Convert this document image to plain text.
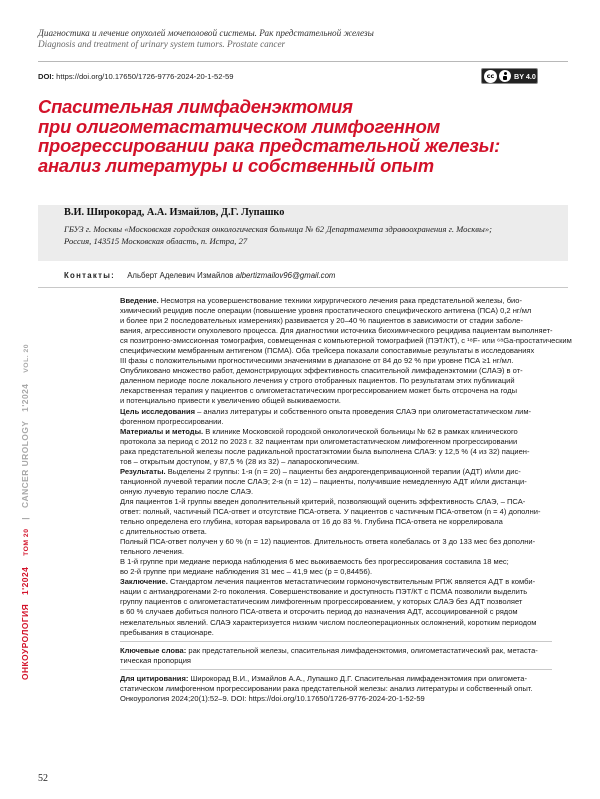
Диагностика и лечение опухолей мочеполовой системы. Рак предстательной железы
Diagnosis and treatment of urinary system tumors. Prostate cancer
DOI: https://doi.org/10.17650/1726-9776-2024-20-1-52-59	cc	BY 4.0
Спасительная лимфаденэктомия
при олигометастатическом лимфогенном
прогрессировании рака предстательной железы:
анализ литературы и собственный опыт
В.И. Широкорад, А.А. Измайлов, Д.Г. Лупашко
ГБУЗ г. Москвы «Московская городская онкологическая больница № 62 Департамента здравоохранения г. Москвы»;
Россия, 143515 Московская область, п. Истра, 27
Контакты: Альберт Аделевич Измайлов albertizmailov96@gmail.com

Введение. Несмотря на усовершенствование техники хирургического лечения рака предстательной железы, био-

химический рецидив после операции (повышение уровня простатического специфического антигена (ПСА) 0,2 нг/мл

и более при 2 последовательных измерениях) развивается у 20–40 % пациентов в зависимости от стадии заболе-

вания, агрессивности опухолевого процесса. Для диагностики источника биохимического рецидива пациентам выполняет-

ся позитронно-эмиссионная томография, совмещенная с компьютерной томографией (ПЭТ/КТ), с ¹⁸F- или ⁶⁸Ga-простатическим

специфическим мембранным антигеном (ПСМА). Оба трейсера показали сопоставимые результаты в исследованиях

III фазы с положительными прогностическими значениями в диапазоне от 84 до 92 % при уровне ПСА ≥1 нг/мл.

Опубликовано множество работ, демонстрирующих эффективность спасительной лимфаденэктомии (СЛАЭ) в от-

даленном периоде после локального лечения у строго отобранных пациентов. По результатам этих публикаций

лекарственная терапия у пациентов с олигометастатическим прогрессированием может быть отсрочена на годы

и потенциально привести к увеличению общей выживаемости.

Цель исследования – анализ литературы и собственного опыта проведения СЛАЭ при олигометастатическом лим-

фогенном прогрессировании.

Материалы и методы. В клинике Московской городской онкологической больницы № 62 в рамках клинического

протокола за период с 2012 по 2023 г. 32 пациентам при олигометастатическом лимфогенном прогрессировании

рака предстательной железы после радикальной простатэктомии была выполнена СЛАЭ: у 12,5 % (4 из 32) пациен-

тов – открытым доступом, у 87,5 % (28 из 32) – лапароскопическим.

Результаты. Выделены 2 группы: 1-я (n = 20) – пациенты без андрогендепривационной терапии (АДТ) и/или дис-

танционной лучевой терапии после СЛАЭ; 2-я (n = 12) – пациенты, получившие немедленную АДТ и/или дистанци-

онную лучевую терапию после СЛАЭ.

Для пациентов 1-й группы введен дополнительный критерий, позволяющий оценить эффективность СЛАЭ, – ПСА-

ответ: полный, частичный ПСА-ответ и отсутствие ПСА-ответа. У пациентов с частичным ПСА-ответом (n = 4) дополни-

тельно определена его глубина, которая варьировала от 16 до 83 %. Глубина ПСА-ответа не коррелировала

с длительностью ответа.

Полный ПСА-ответ получен у 60 % (n = 12) пациентов. Длительность ответа колебалась от 3 до 133 мес без дополни-

тельного лечения.

В 1-й группе при медиане периода наблюдения 6 мес выживаемость без прогрессирования составила 18 мес;

во 2-й группе при медиане наблюдения 31 мес – 41,9 мес (p = 0,84456).

Заключение. Стандартом лечения пациентов метастатическим гормоночувствительным РПЖ является АДТ в комби-

нации с антиандрогенами 2-го поколения. Совершенствование и доступность ПЭТ/КТ с ПСМА позволили выделить

группу пациентов с олигометастатическим лимфогенным прогрессированием, у которых СЛАЭ без АДТ позволяет

в 60 % случаев добиться полного ПСА-ответа и отсрочить период до назначения АДТ, ассоциированной с рядом

нежелательных явлений. СЛАЭ характеризуется низким числом послеоперационных осложнений, коротким периодом

пребывания в стационаре.

Ключевые слова: рак предстательной железы, спасительная лимфаденэктомия, олигометастатический рак, метаста-

тическая пропорция

Для цитирования: Широкорад В.И., Измайлов А.А., Лупашко Д.Г. Спасительная лимфаденэктомия при олигомета-

статическом лимфогенном прогрессировании рака предстательной железы: анализ литературы и собственный опыт.

Онкоурология 2024;20(1):52–9. DOI: https://doi.org/10.17650/1726-9776-2024-20-1-52-59

ОНКОУРОЛОГИЯ 1'2024 ТОМ 20 | CANCER UROLOGY 1'2024 VOL. 20
52
